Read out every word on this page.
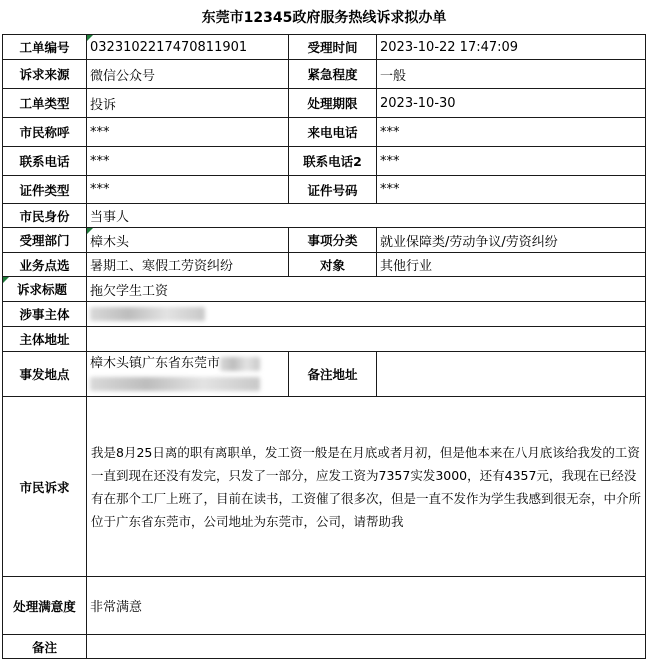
东莞市12345政府服务热线诉求拟办单
工单编号	0323102217470811901	受理时间	2023-10-22 17:47:09
诉求来源	微信公众号	紧急程度	一般
工单类型	投诉	处理期限	2023-10-30
市民称呼	***	来电电话	***
联系电话	***	联系电话2	***
证件类型	***	证件号码	***
市民身份	当事人		
受理部门	樟木头	事项分类	就业保障类/劳动争议/劳资纠纷
业务点选	暑期工、寒假工劳资纠纷	对象	其他行业
诉求标题	拖欠学生工资		
涉事主体			
主体地址			
事发地点	樟木头镇广东省东莞市	备注地址	
市民诉求	我是8月25日离的职有离职单，发工资一般是在月底或者月初，但是他本来在八月底该给我发的工资一直到现在还没有发完，只发了一部分，应发工资为7357实发3000，还有4357元，我现在已经没有在那个工厂上班了，目前在读书，工资催了很多次，但是一直不发作为学生我感到很无奈，中介所位于广东省东莞市，公司地址为东莞市，公司，请帮助我		
处理满意度	非常满意		
备注			
